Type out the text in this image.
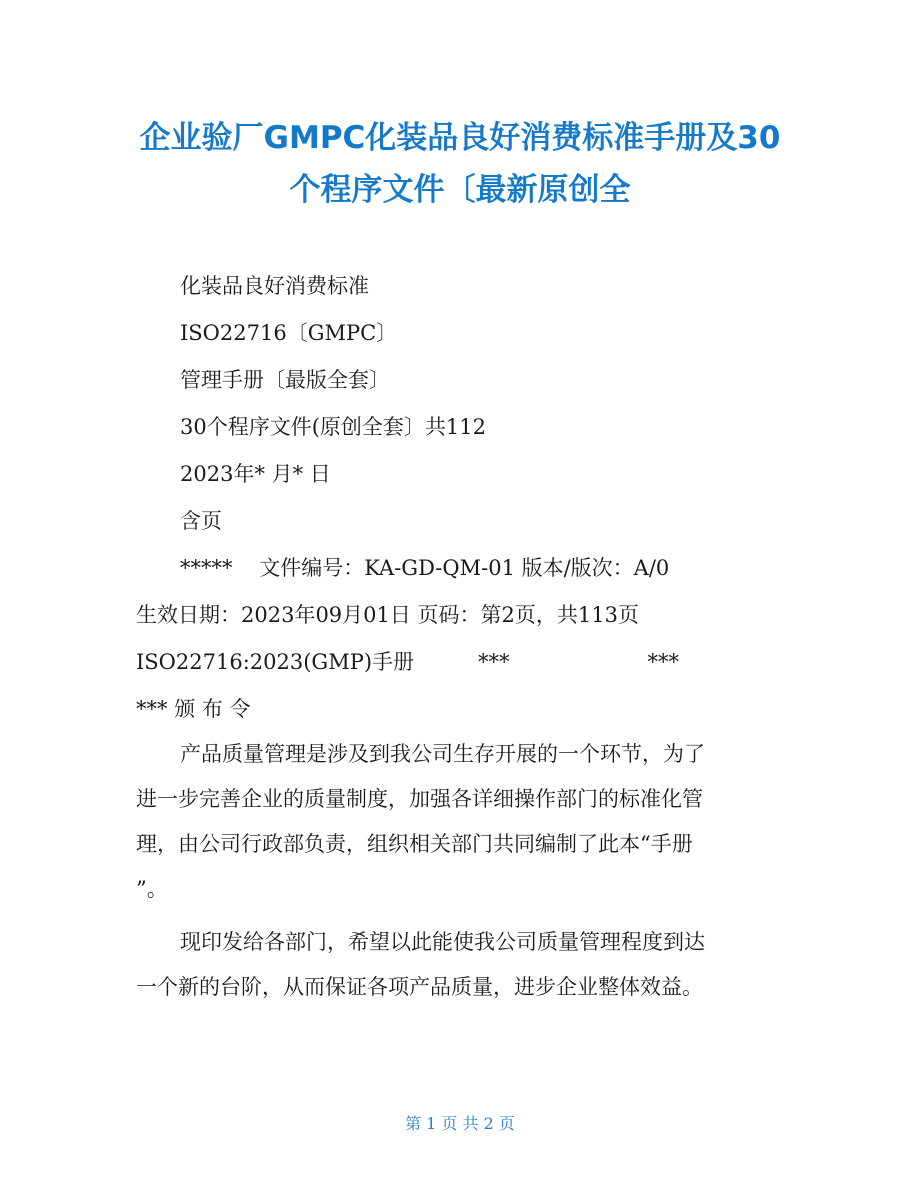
企业验厂GMPC化装品良好消费标准手册及30
个程序文件〔最新原创全
化装品良好消费标准
ISO22716〔GMPC〕
管理手册〔最版全套〕
30个程序文件(原创全套〕共112
2023年* 月* 日
含页
***** 文件编号：KA-GD-QM-01 版本/版次：A/0
生效日期：2023年09月01日 页码：第2页，共113页
ISO22716:2023(GMP)手册	***	***
*** 颁 布 令
产品质量管理是涉及到我公司生存开展的一个环节，为了
进一步完善企业的质量制度，加强各详细操作部门的标准化管
理，由公司行政部负责，组织相关部门共同编制了此本“手册
”。
现印发给各部门，希望以此能使我公司质量管理程度到达
一个新的台阶，从而保证各项产品质量，进步企业整体效益。
第 1 页 共 2 页
